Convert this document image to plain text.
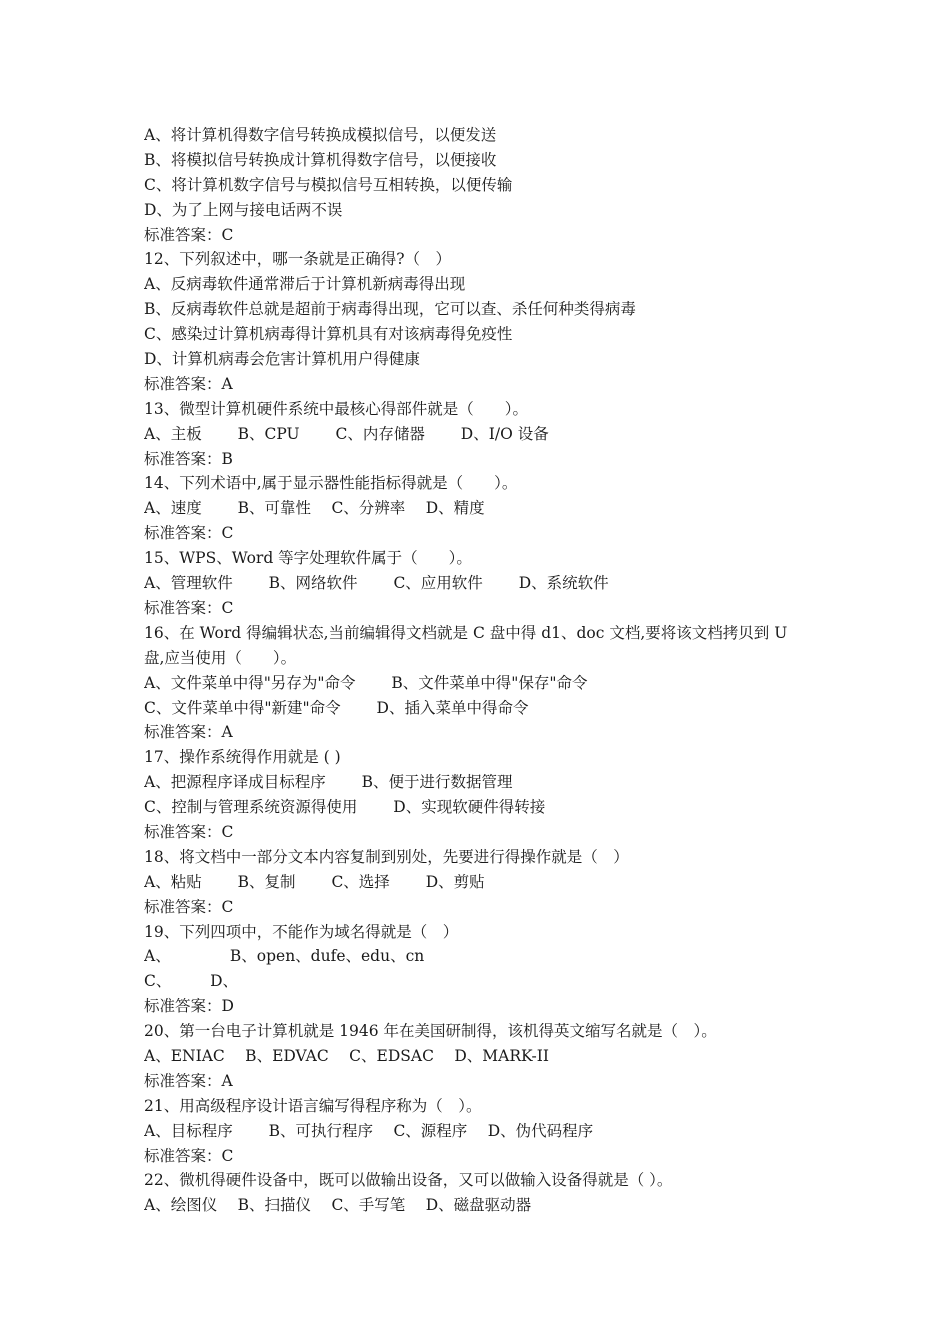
A、将计算机得数字信号转换成模拟信号，以便发送
B、将模拟信号转换成计算机得数字信号，以便接收
C、将计算机数字信号与模拟信号互相转换，以便传输
D、为了上网与接电话两不误
标准答案：C
12、下列叙述中，哪一条就是正确得?（　）
A、反病毒软件通常滞后于计算机新病毒得出现
B、反病毒软件总就是超前于病毒得出现，它可以查、杀任何种类得病毒
C、感染过计算机病毒得计算机具有对该病毒得免疫性
D、计算机病毒会危害计算机用户得健康
标准答案：A
13、微型计算机硬件系统中最核心得部件就是（　　）。
A、主板　　 B、CPU　　 C、内存储器　　 D、I/O 设备
标准答案：B
14、下列术语中,属于显示器性能指标得就是（　　）。
A、速度　　 B、可靠性　 C、分辨率　 D、精度
标准答案：C
15、WPS、Word 等字处理软件属于（　　）。
A、管理软件　　 B、网络软件　　 C、应用软件　　 D、系统软件
标准答案：C
16、在 Word 得编辑状态,当前编辑得文档就是 C 盘中得 d1、doc 文档,要将该文档拷贝到 U 盘,应当使用（　　）。
A、文件菜单中得"另存为"命令　　 B、文件菜单中得"保存"命令
C、文件菜单中得"新建"命令　　 D、插入菜单中得命令
标准答案：A
17、操作系统得作用就是 ( )
A、把源程序译成目标程序　　 B、便于进行数据管理
C、控制与管理系统资源得使用　　 D、实现软硬件得转接
标准答案：C
18、将文档中一部分文本内容复制到别处，先要进行得操作就是（　）
A、粘贴　　 B、复制　　 C、选择　　 D、剪贴
标准答案：C
19、下列四项中，不能作为域名得就是（　）
A、　　　　 B、open、dufe、edu、cn
C、　　　D、
标准答案：D
20、第一台电子计算机就是 1946 年在美国研制得，该机得英文缩写名就是（　）。
A、ENIAC　 B、EDVAC　 C、EDSAC　 D、MARK-II
标准答案：A
21、用高级程序设计语言编写得程序称为（　）。
A、目标程序　　 B、可执行程序　 C、源程序　 D、伪代码程序
标准答案：C
22、微机得硬件设备中，既可以做输出设备，又可以做输入设备得就是（ ）。
A、绘图仪　 B、扫描仪　 C、手写笔　 D、磁盘驱动器
